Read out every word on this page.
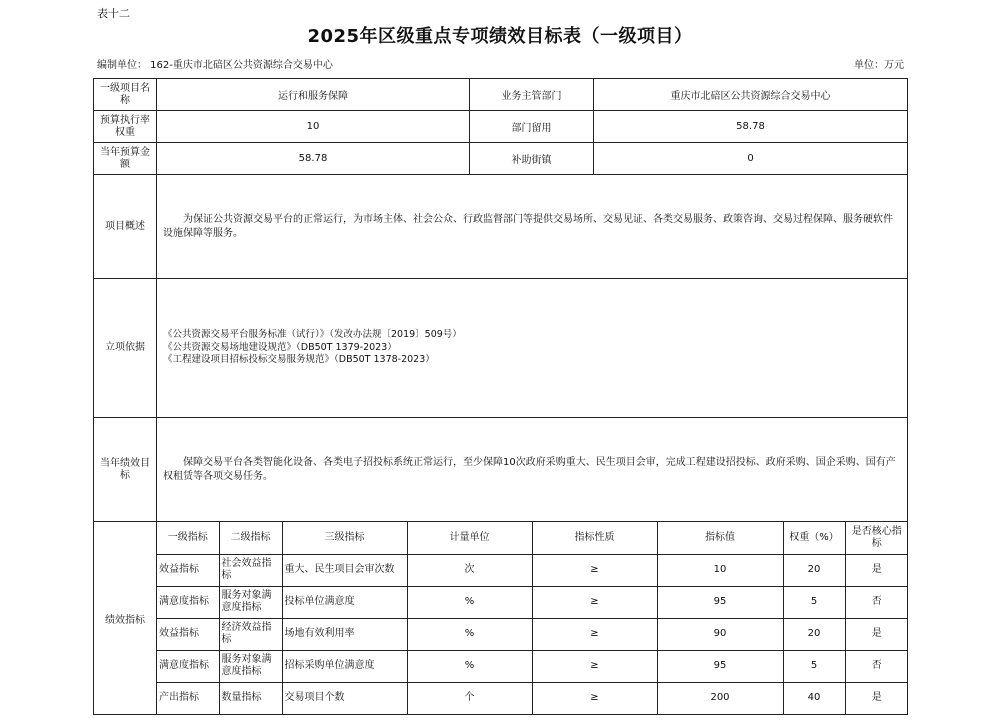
表十二
2025年区级重点专项绩效目标表（一级项目）
编制单位： 162-重庆市北碚区公共资源综合交易中心	单位：万元
一级项目名称	运行和服务保障	业务主管部门	重庆市北碚区公共资源综合交易中心
预算执行率权重	10	部门留用	58.78
当年预算金额	58.78	补助街镇	0
项目概述	为保证公共资源交易平台的正常运行，为市场主体、社会公众、行政监督部门等提供交易场所、交易见证、各类交易服务、政策咨询、交易过程保障、服务硬软件设施保障等服务。		
立项依据	《公共资源交易平台服务标准（试行）》（发改办法规〔2019〕509号）
《公共资源交易场地建设规范》（DB50T 1379-2023）
《工程建设项目招标投标交易服务规范》（DB50T 1378-2023）		

当年绩效目标	保障交易平台各类智能化设备、各类电子招投标系统正常运行，至少保障10次政府采购重大、民生项目会审，完成工程建设招投标、政府采购、国企采购、国有产权租赁等各项交易任务。		
绩效指标	
一级指标	二级指标	三级指标	计量单位	指标性质	指标值	权重（%）	是否核心指标
效益指标	社会效益指标	重大、民生项目会审次数	次	≥	10	20	是
满意度指标	服务对象满意度指标	投标单位满意度	%	≥	95	5	否
效益指标	经济效益指标	场地有效利用率	%	≥	90	20	是
满意度指标	服务对象满意度指标	招标采购单位满意度	%	≥	95	5	否
产出指标	数量指标	交易项目个数	个	≥	200	40	是
